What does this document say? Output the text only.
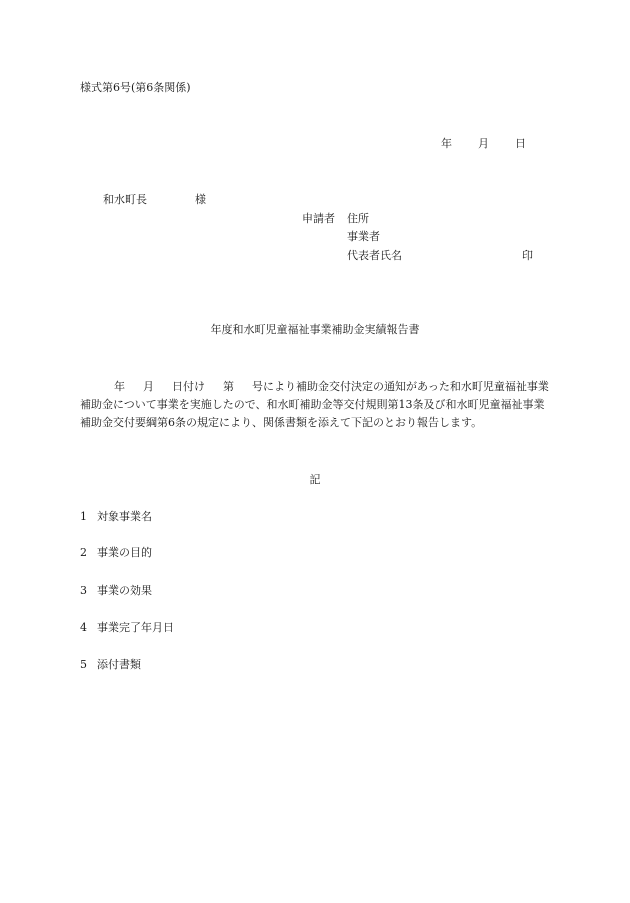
様式第6号(第6条関係)
年 月 日
和水町長	様
申請者 住所
事業者
代表者氏名	印
年度和水町児童福祉事業補助金実績報告書
年 月 日付け 第 号により補助金交付決定の通知があった和水町児童福祉事業補助金について事業を実施したので、和水町補助金等交付規則第13条及び和水町児童福祉事業補助金交付要綱第6条の規定により、関係書類を添えて下記のとおり報告します。
記
1 対象事業名
2 事業の目的
3 事業の効果
4 事業完了年月日
5 添付書類
